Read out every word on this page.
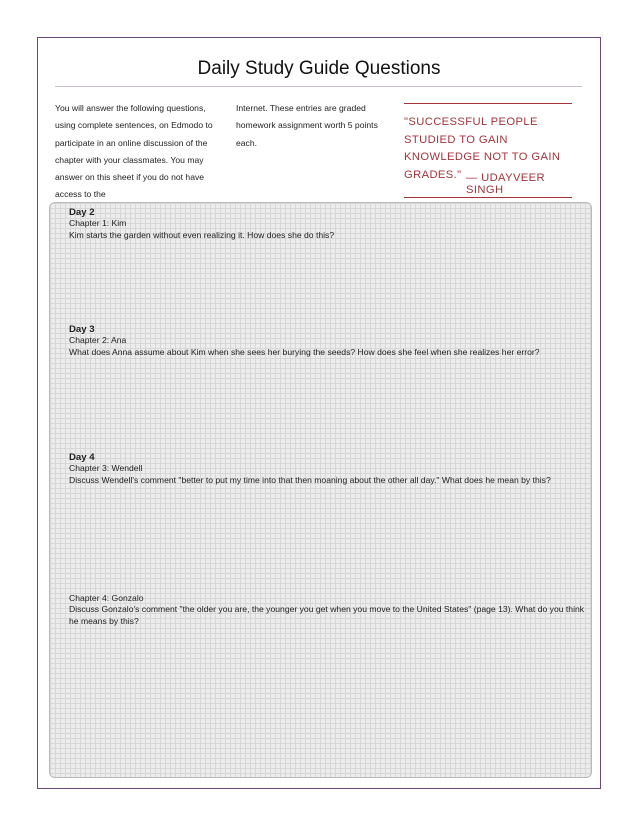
Daily Study Guide Questions
You will answer the following questions, using complete sentences, on Edmodo to participate in an online discussion of the chapter with your classmates. You may answer on this sheet if you do not have access to the
Internet. These entries are graded homework assignment worth 5 points each.
"SUCCESSFUL PEOPLE STUDIED TO GAIN KNOWLEDGE NOT TO GAIN GRADES." — UDAYVEER SINGH
Day 2
Chapter 1: Kim
Kim starts the garden without even realizing it. How does she do this?
Day 3
Chapter 2: Ana
What does Anna assume about Kim when she sees her burying the seeds? How does she feel when she realizes her error?
Day 4
Chapter 3: Wendell
Discuss Wendell's comment "better to put my time into that then moaning about the other all day." What does he mean by this?
Chapter 4: Gonzalo
Discuss Gonzalo's comment "the older you are, the younger you get when you move to the United States" (page 13). What do you think he means by this?
